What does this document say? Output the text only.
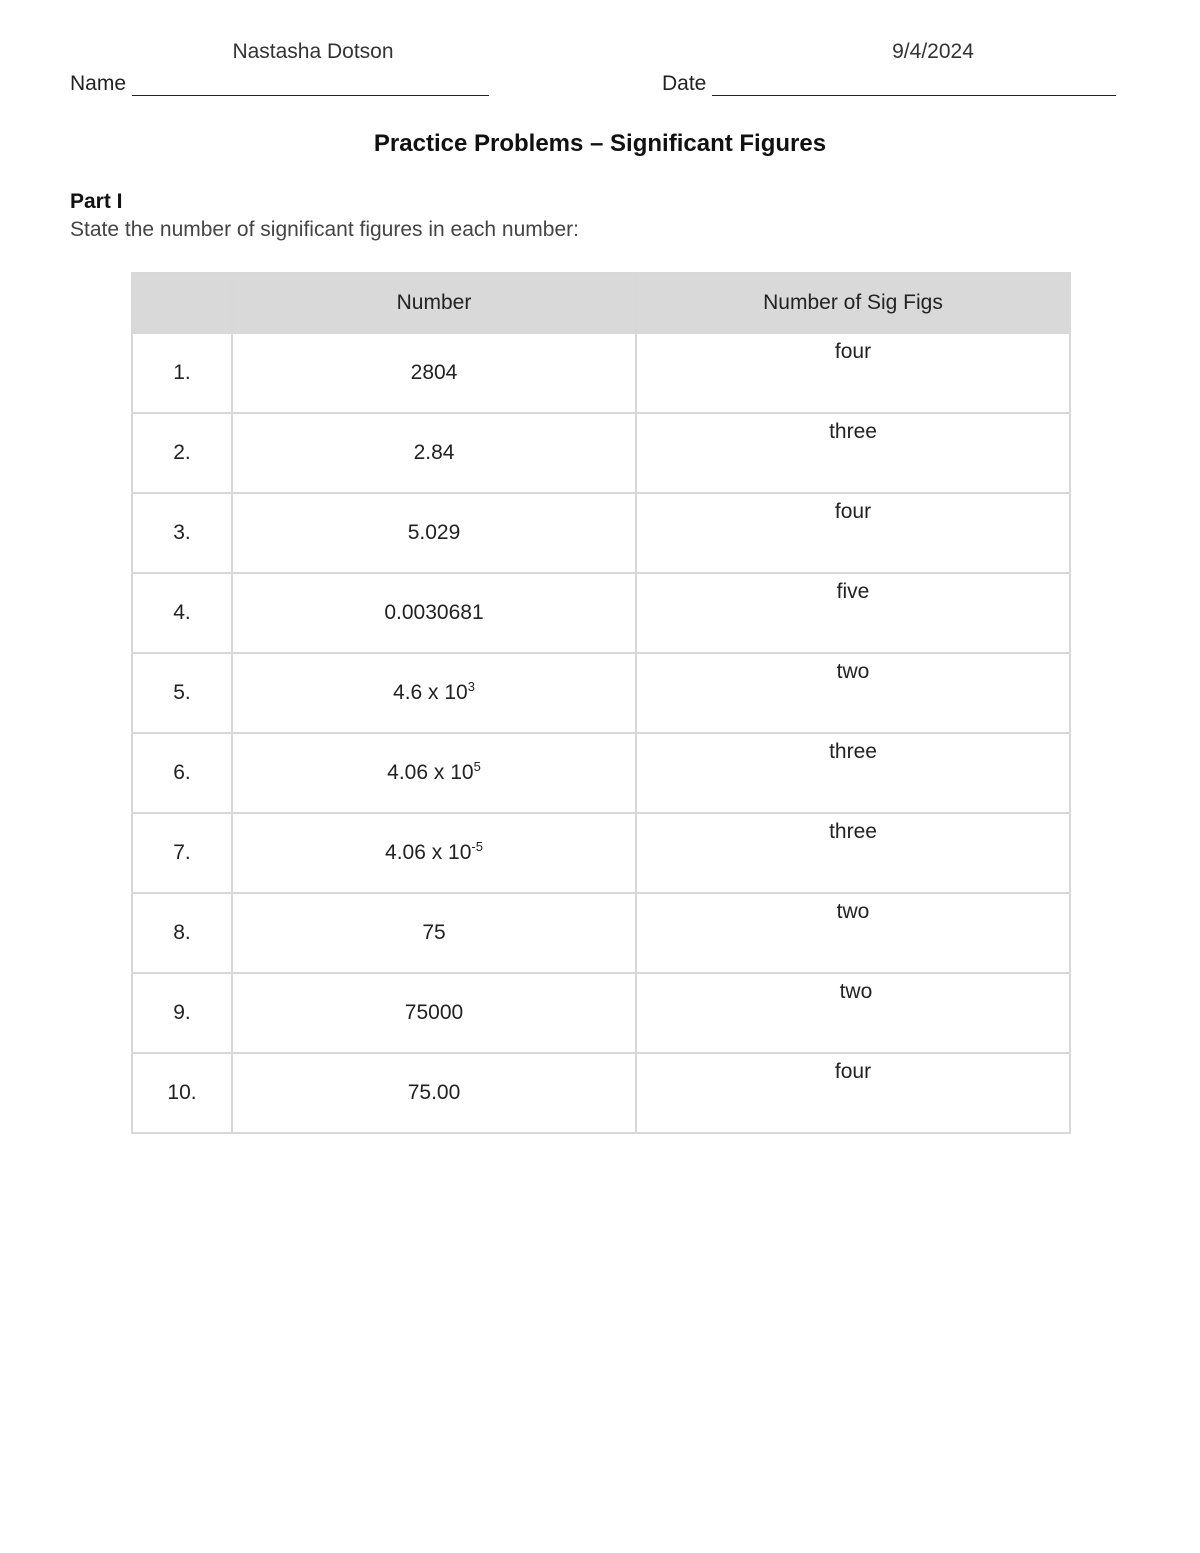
Nastasha Dotson	9/4/2024
Name	Date
Practice Problems – Significant Figures
Part I
State the number of significant figures in each number:
	Number	Number of Sig Figs
1.	2804	four
2.	2.84	three
3.	5.029	four
4.	0.0030681	five
5.	4.6 x $10^3$	two
6.	4.06 x $10^5$	three
7.	4.06 x $10^{-5}$	three
8.	75	two
9.	75000	two
10.	75.00	four
